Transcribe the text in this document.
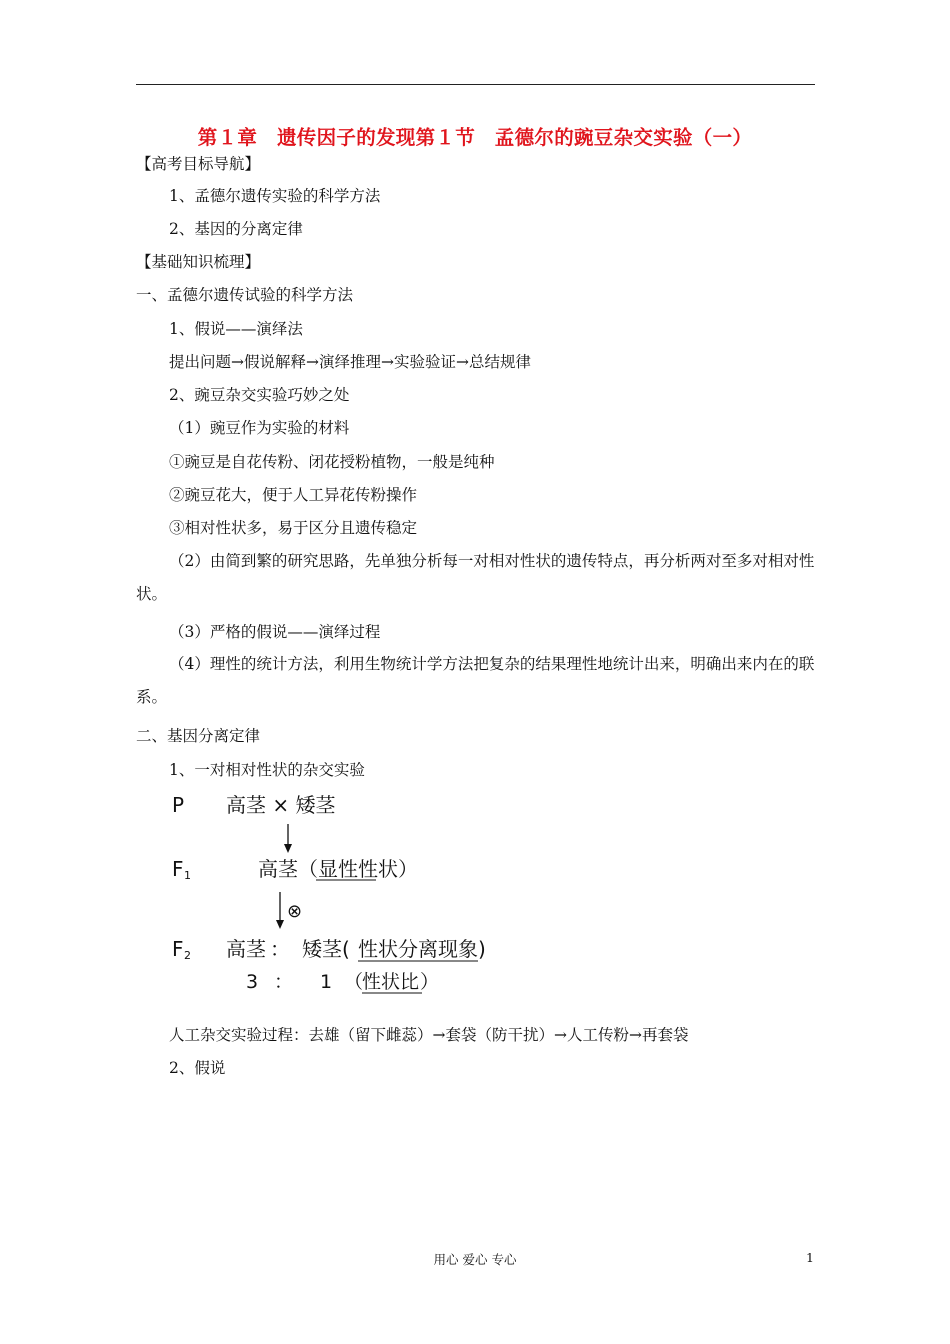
第１章　遗传因子的发现第１节　孟德尔的豌豆杂交实验（一）
【高考目标导航】
1、孟德尔遗传实验的科学方法
2、基因的分离定律
【基础知识梳理】
一、孟德尔遗传试验的科学方法
1、假说——演绎法
提出问题→假说解释→演绎推理→实验验证→总结规律
2、豌豆杂交实验巧妙之处
（1）豌豆作为实验的材料
①豌豆是自花传粉、闭花授粉植物，一般是纯种
②豌豆花大，便于人工异花传粉操作
③相对性状多，易于区分且遗传稳定
（2）由简到繁的研究思路，先单独分析每一对相对性状的遗传特点，再分析两对至多对相对性状。
（3）严格的假说——演绎过程
（4）理性的统计方法，利用生物统计学方法把复杂的结果理性地统计出来，明确出来内在的联系。
二、基因分离定律
1、一对相对性状的杂交实验
P 高茎 × 矮茎
F 1	高茎（显性性状）
⊗
F 2 高茎 ： 矮茎( 性状分离现象 )
3 ： 1 （
性状比 ）
人工杂交实验过程：去雄（留下雌蕊）→套袋（防干扰）→人工传粉→再套袋
2、假说
用心 爱心 专心	1
